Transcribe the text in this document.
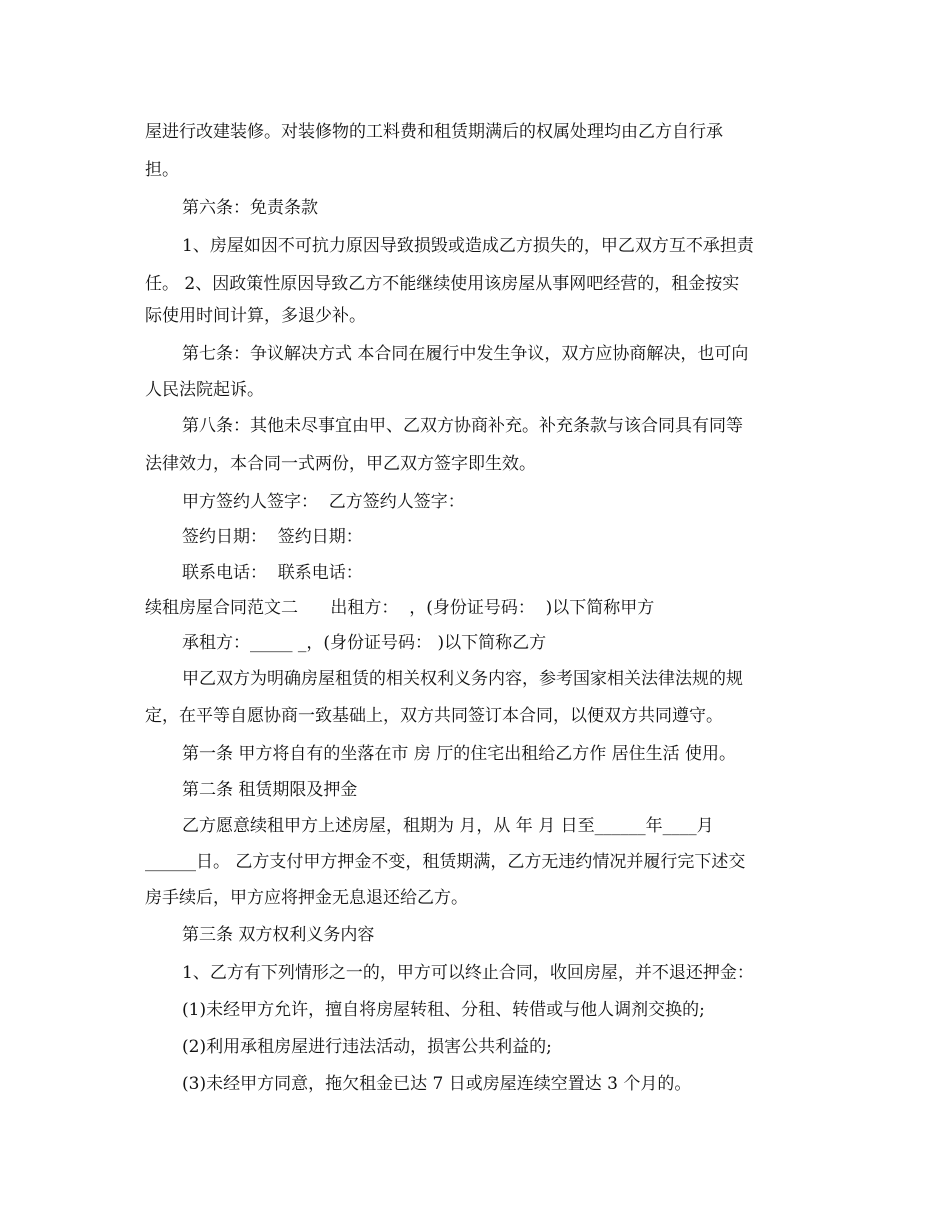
屋进行改建装修。对装修物的工料费和租赁期满后的权属处理均由乙方自行承
担。
第六条：免责条款
1、房屋如因不可抗力原因导致损毁或造成乙方损失的，甲乙双方互不承担责
任。 2、因政策性原因导致乙方不能继续使用该房屋从事网吧经营的，租金按实
际使用时间计算，多退少补。
第七条：争议解决方式 本合同在履行中发生争议，双方应协商解决，也可向
人民法院起诉。
第八条：其他未尽事宜由甲、乙双方协商补充。补充条款与该合同具有同等
法律效力，本合同一式两份，甲乙双方签字即生效。
甲方签约人签字：  乙方签约人签字：
签约日期：  签约日期：
联系电话：  联系电话：
续租房屋合同范文二      出租方：  ，(身份证号码：  )以下简称甲方
承租方：_____ _，(身份证号码： )以下简称乙方
甲乙双方为明确房屋租赁的相关权利义务内容，参考国家相关法律法规的规
定，在平等自愿协商一致基础上，双方共同签订本合同，以便双方共同遵守。
第一条 甲方将自有的坐落在市 房 厅的住宅出租给乙方作 居住生活 使用。
第二条 租赁期限及押金
乙方愿意续租甲方上述房屋，租期为 月，从 年 月 日至______年____月
______日。 乙方支付甲方押金不变，租赁期满，乙方无违约情况并履行完下述交
房手续后，甲方应将押金无息退还给乙方。
第三条 双方权利义务内容
1、乙方有下列情形之一的，甲方可以终止合同，收回房屋，并不退还押金：
(1)未经甲方允许，擅自将房屋转租、分租、转借或与他人调剂交换的;
(2)利用承租房屋进行违法活动，损害公共利益的;
(3)未经甲方同意，拖欠租金已达 7 日或房屋连续空置达 3 个月的。
